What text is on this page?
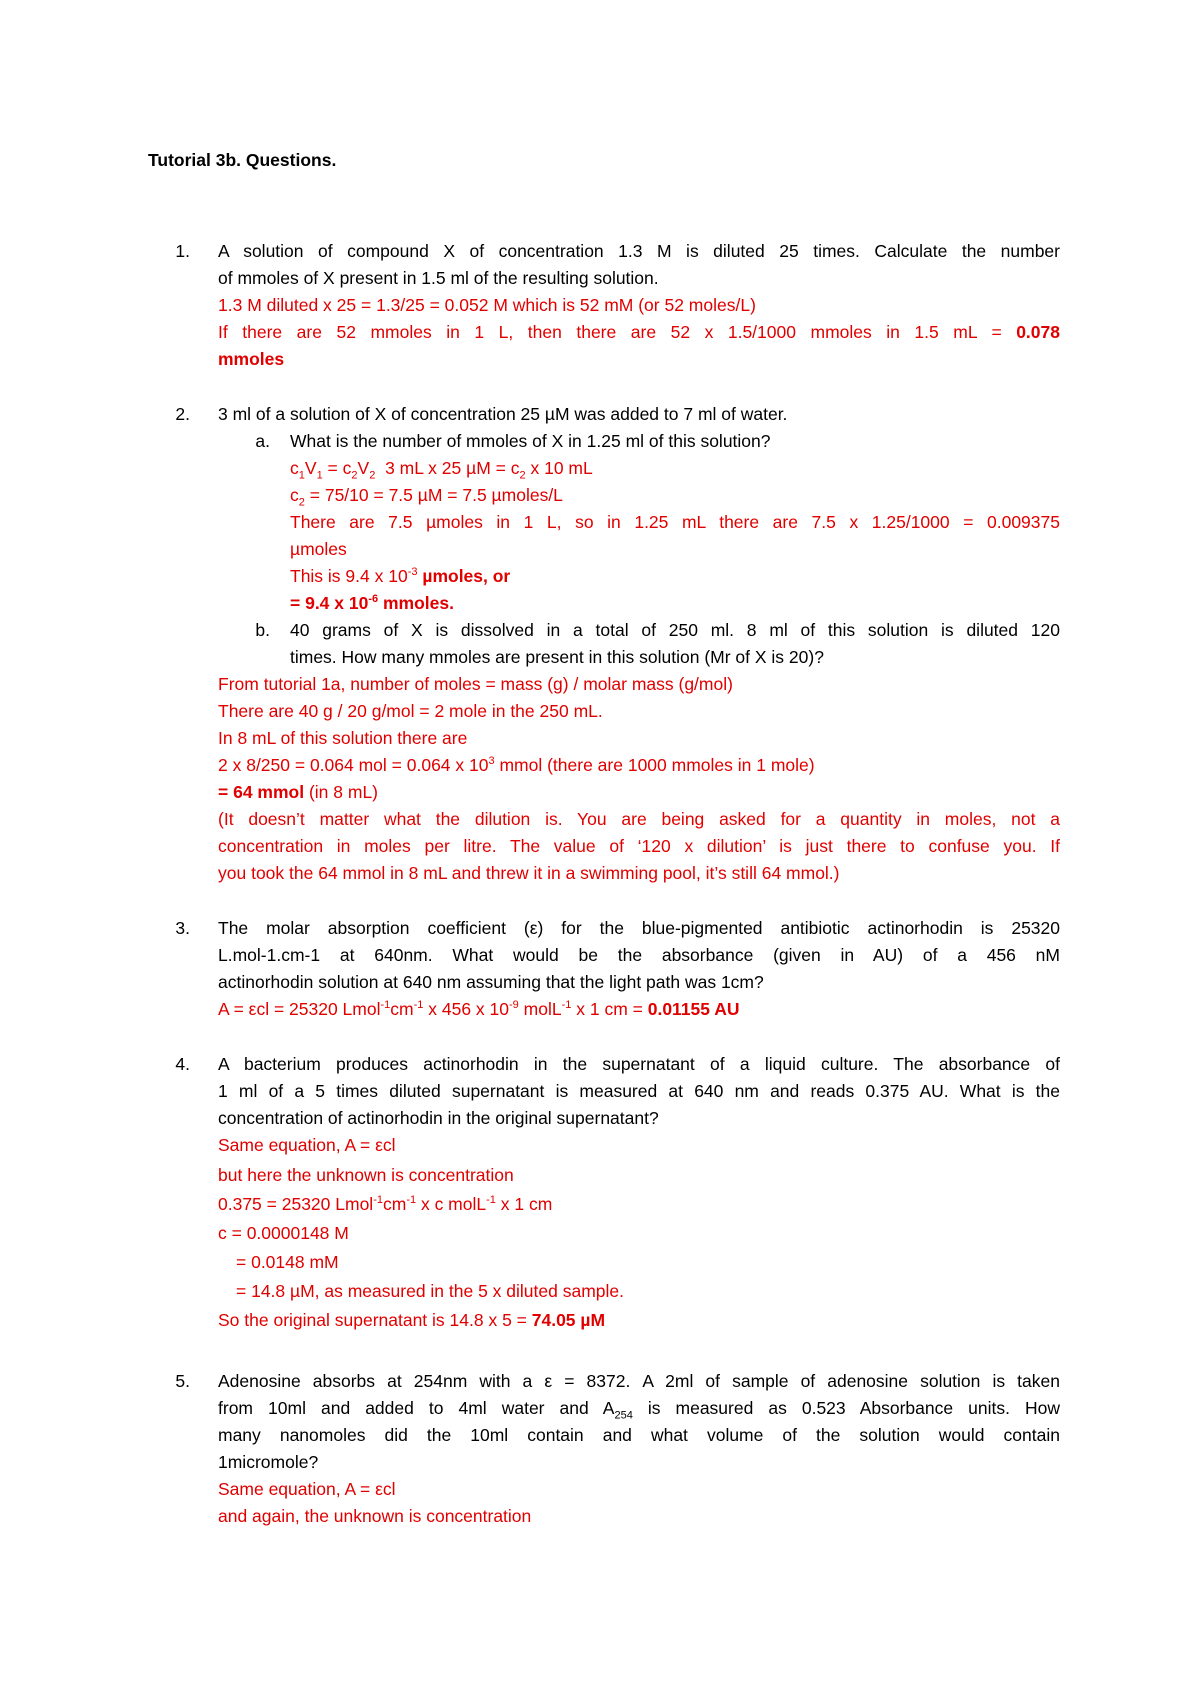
Tutorial 3b. Questions.
1. A solution of compound X of concentration 1.3 M is diluted 25 times. Calculate the number
of mmoles of X present in 1.5 ml of the resulting solution.
1.3 M diluted x 25 = 1.3/25 = 0.052 M which is 52 mM (or 52 moles/L)
If there are 52 mmoles in 1 L, then there are 52 x 1.5/1000 mmoles in 1.5 mL = 0.078
mmoles
2. 3 ml of a solution of X of concentration 25 µM was added to 7 ml of water.
a. What is the number of mmoles of X in 1.25 ml of this solution?
$c_1V_1 = c_2V_2$ 3 mL x 25 $\mu M = c_2$ x 10 mL
$c_2 = 75/10 = 7.5$ µM = 7.5 µmoles/L
There are 7.5 µmoles in 1 L, so in 1.25 mL there are 7.5 x 1.25/1000 = 0.009375
µmoles
This is 9.4 x $10^{-3}$ µmoles, or
= 9.4 x $10^{-6}$ mmoles.
b. 40 grams of X is dissolved in a total of 250 ml. 8 ml of this solution is diluted 120
times. How many mmoles are present in this solution (Mr of X is 20)?
From tutorial 1a, number of moles = mass (g) / molar mass (g/mol)
There are 40 g / 20 g/mol = 2 mole in the 250 mL.
In 8 mL of this solution there are
2 x 8/250 = 0.064 mol = 0.064 x $10^3$ mmol (there are 1000 mmoles in 1 mole)
= 64 mmol (in 8 mL)
(It doesn’t matter what the dilution is. You are being asked for a quantity in moles, not a
concentration in moles per litre. The value of ‘120 x dilution’ is just there to confuse you. If
you took the 64 mmol in 8 mL and threw it in a swimming pool, it’s still 64 mmol.)
3. The molar absorption coefficient (ε) for the blue-pigmented antibiotic actinorhodin is 25320
L.mol-1.cm-1 at 640nm. What would be the absorbance (given in AU) of a 456 nM
actinorhodin solution at 640 nm assuming that the light path was 1cm?
A = εcl = 25320 $Lmol^{-1}cm^{-1}$ x 456 x $10^{-9}$ molL$^{-1}$ x 1 cm = 0.01155 AU
4. A bacterium produces actinorhodin in the supernatant of a liquid culture. The absorbance of
1 ml of a 5 times diluted supernatant is measured at 640 nm and reads 0.375 AU. What is the
concentration of actinorhodin in the original supernatant?
Same equation, A = εcl
but here the unknown is concentration
0.375 = 25320 $Lmol^{-1}cm^{-1}$ x c molL$^{-1}$ x 1 cm
c = 0.0000148 M
= 0.0148 mM
= 14.8 µM, as measured in the 5 x diluted sample.
So the original supernatant is 14.8 x 5 = 74.05 µM
5. Adenosine absorbs at 254nm with a ε = 8372. A 2ml of sample of adenosine solution is taken
from 10ml and added to 4ml water and $A_{254}$ is measured as 0.523 Absorbance units. How
many nanomoles did the 10ml contain and what volume of the solution would contain
1micromole?
Same equation, A = εcl
and again, the unknown is concentration
